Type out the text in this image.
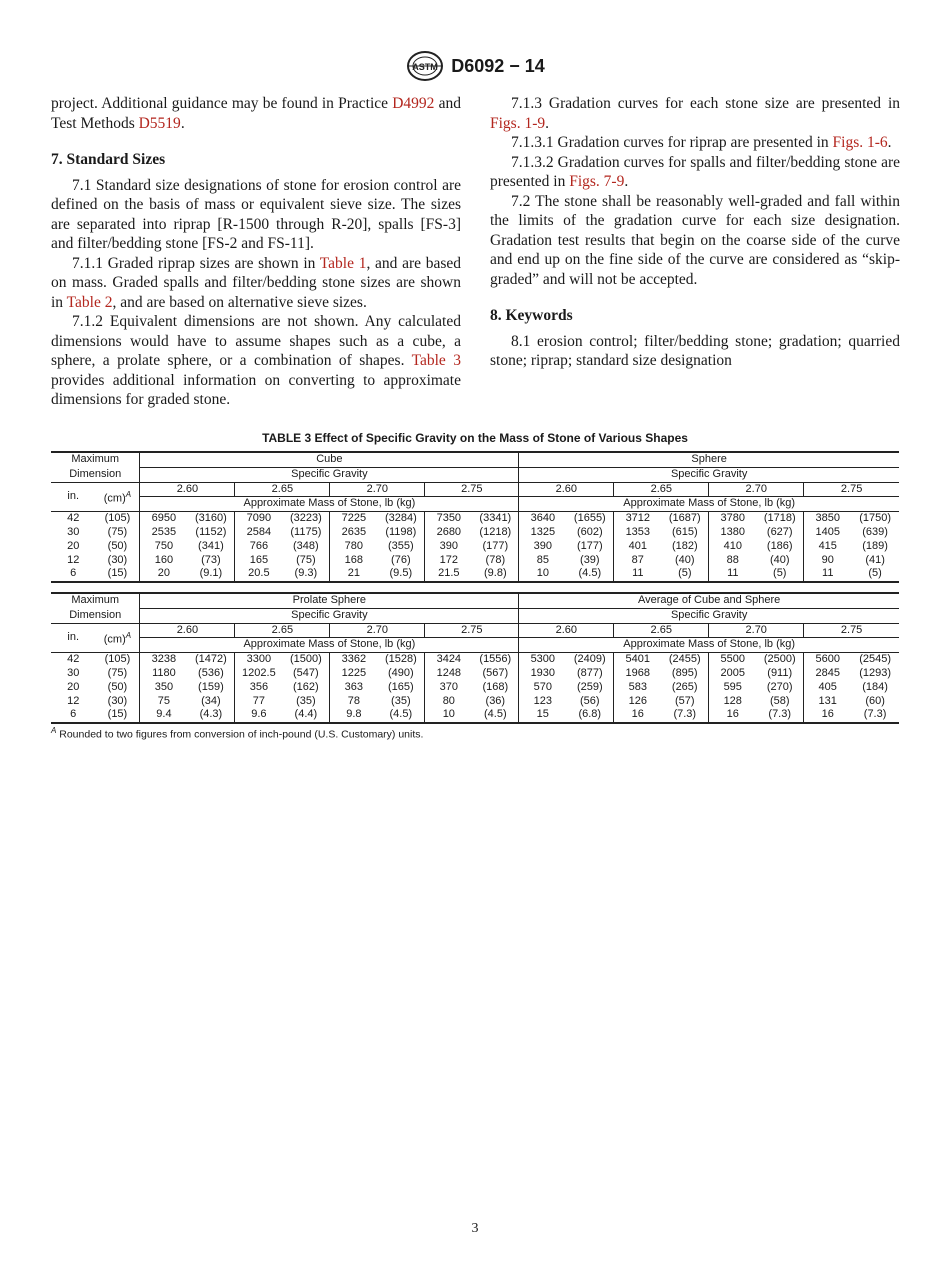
ASTM D6092 − 14

project. Additional guidance may be found in Practice D4992 and Test Methods D5519.

7. Standard Sizes

7.1 Standard size designations of stone for erosion control are defined on the basis of mass or equivalent sieve size. The sizes are separated into riprap [R-1500 through R-20], spalls [FS-3] and filter/bedding stone [FS-2 and FS-11].

7.1.1 Graded riprap sizes are shown in Table 1, and are based on mass. Graded spalls and filter/bedding stone sizes are shown in Table 2, and are based on alternative sieve sizes.

7.1.2 Equivalent dimensions are not shown. Any calculated dimensions would have to assume shapes such as a cube, a sphere, a prolate sphere, or a combination of shapes. Table 3 provides additional information on converting to approximate dimensions for graded stone.

7.1.3 Gradation curves for each stone size are presented in Figs. 1-9.

7.1.3.1 Gradation curves for riprap are presented in Figs. 1-6.

7.1.3.2 Gradation curves for spalls and filter/bedding stone are presented in Figs. 7-9.

7.2 The stone shall be reasonably well-graded and fall within the limits of the gradation curve for each size designation. Gradation test results that begin on the coarse side of the curve and end up on the fine side of the curve are considered as “skip-graded” and will not be accepted.

8. Keywords

8.1 erosion control; filter/bedding stone; gradation; quarried stone; riprap; standard size designation

TABLE 3 Effect of Specific Gravity on the Mass of Stone of Various Shapes
Maximum		Cube								Sphere							
Dimension		Specific Gravity								Specific Gravity							
in.	(cm)$^A$	2.60		2.65		2.70		2.75		2.60		2.65		2.70		2.75	
		Approximate Mass of Stone, lb (kg)								Approximate Mass of Stone, lb (kg)							
42	(105)	6950	(3160)	7090	(3223)	7225	(3284)	7350	(3341)	3640	(1655)	3712	(1687)	3780	(1718)	3850	(1750)
30	(75)	2535	(1152)	2584	(1175)	2635	(1198)	2680	(1218)	1325	(602)	1353	(615)	1380	(627)	1405	(639)
20	(50)	750	(341)	766	(348)	780	(355)	390	(177)	390	(177)	401	(182)	410	(186)	415	(189)
12	(30)	160	(73)	165	(75)	168	(76)	172	(78)	85	(39)	87	(40)	88	(40)	90	(41)
6	(15)	20	(9.1)	20.5	(9.3)	21	(9.5)	21.5	(9.8)	10	(4.5)	11	(5)	11	(5)	11	(5)
Maximum		Prolate Sphere								Average of Cube and Sphere							
Dimension		Specific Gravity								Specific Gravity							
in.	(cm)$^A$	2.60		2.65		2.70		2.75		2.60		2.65		2.70		2.75	
		Approximate Mass of Stone, lb (kg)								Approximate Mass of Stone, lb (kg)							
42	(105)	3238	(1472)	3300	(1500)	3362	(1528)	3424	(1556)	5300	(2409)	5401	(2455)	5500	(2500)	5600	(2545)
30	(75)	1180	(536)	1202.5	(547)	1225	(490)	1248	(567)	1930	(877)	1968	(895)	2005	(911)	2845	(1293)
20	(50)	350	(159)	356	(162)	363	(165)	370	(168)	570	(259)	583	(265)	595	(270)	405	(184)
12	(30)	75	(34)	77	(35)	78	(35)	80	(36)	123	(56)	126	(57)	128	(58)	131	(60)
6	(15)	9.4	(4.3)	9.6	(4.4)	9.8	(4.5)	10	(4.5)	15	(6.8)	16	(7.3)	16	(7.3)	16	(7.3)
$^A$ Rounded to two figures from conversion of inch-pound (U.S. Customary) units.
3
